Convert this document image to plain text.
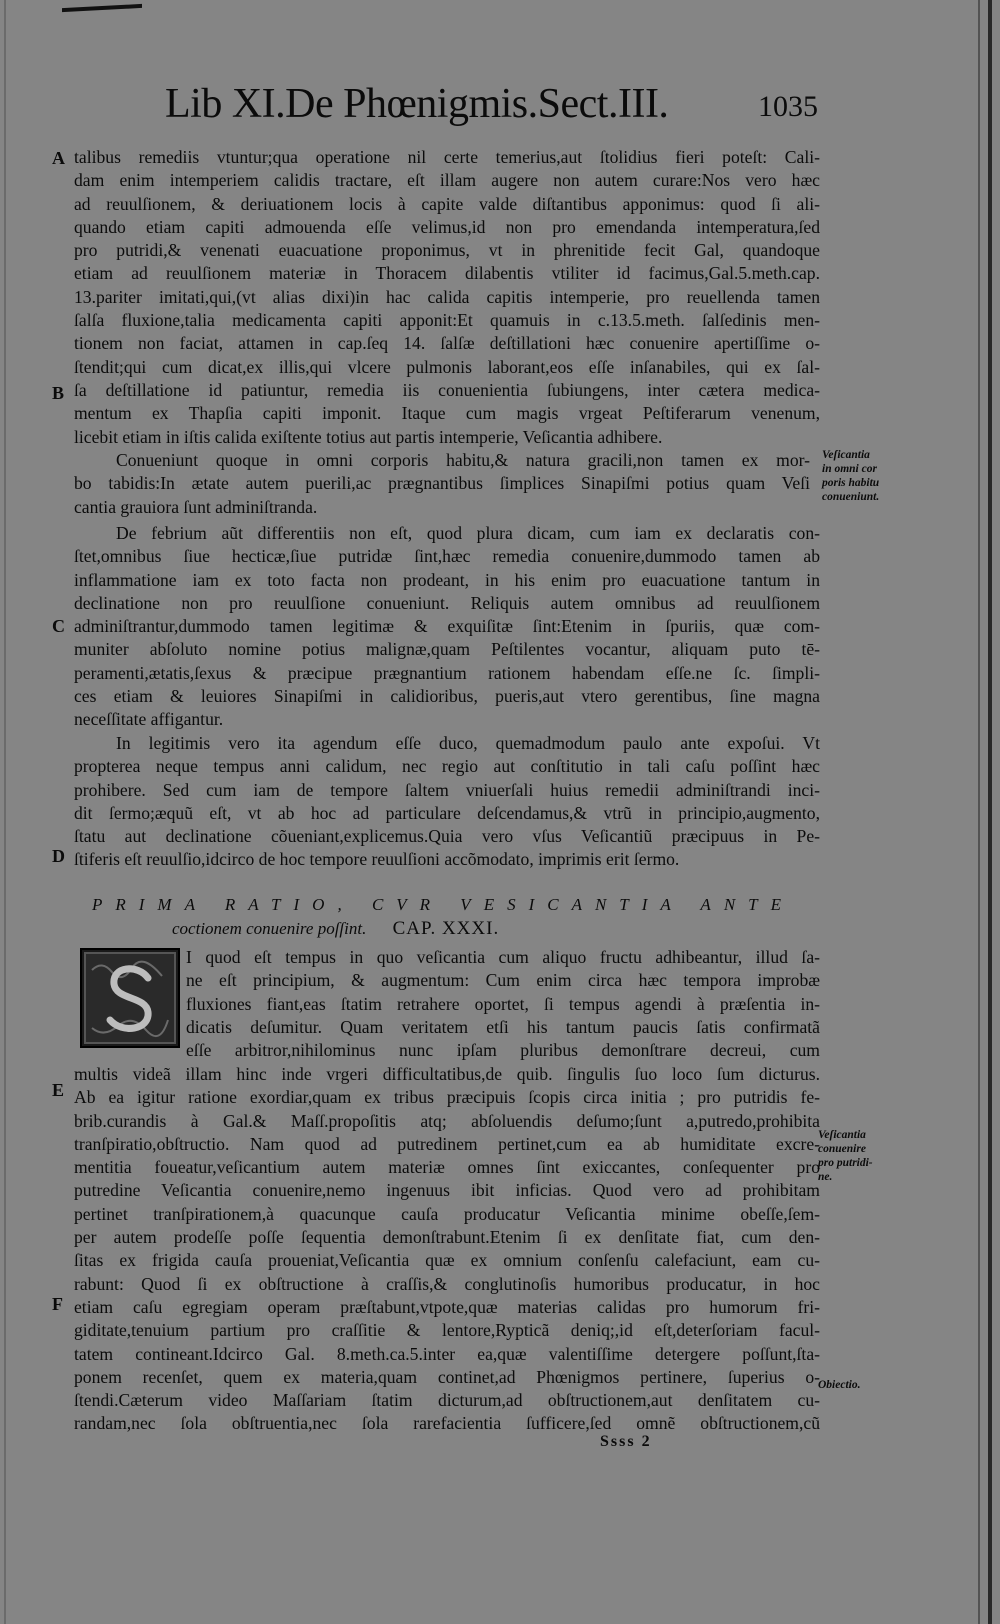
Lib XI.De Phœnigmis.Sect.III.	1035
A
B
C
D
E
F
talibus remediis vtuntur;qua operatione nil certe temerius,aut ſtolidius fieri poteſt: Cali-
dam enim intemperiem calidis tractare, eſt illam augere non autem curare:Nos vero hæc
ad reuulſionem, & deriuationem locis à capite valde diſtantibus apponimus: quod ſi ali-
quando etiam capiti admouenda eſſe velimus,id non pro emendanda intemperatura,ſed
pro putridi,& venenati euacuatione proponimus, vt in phrenitide fecit Gal, quandoque
etiam ad reuulſionem materiæ in Thoracem dilabentis vtiliter id facimus,Gal.5.meth.cap.
13.pariter imitati,qui,(vt alias dixi)in hac calida capitis intemperie, pro reuellenda tamen
ſalſa fluxione,talia medicamenta capiti apponit:Et quamuis in c.13.5.meth. ſalſedinis men-
tionem non faciat, attamen in cap.ſeq 14. ſalſæ deſtillationi hæc conuenire apertiſſime o-
ſtendit;qui cum dicat,ex illis,qui vlcere pulmonis laborant,eos eſſe inſanabiles, qui ex ſal-
ſa deſtillatione id patiuntur, remedia iis conuenientia ſubiungens, inter cætera medica-
mentum ex Thapſia capiti imponit. Itaque cum magis vrgeat Peſtiferarum venenum,
licebit etiam in iſtis calida exiſtente totius aut partis intemperie, Veſicantia adhibere.
Conueniunt quoque in omni corporis habitu,& natura gracili,non tamen ex mor-
bo tabidis:In ætate autem puerili,ac prægnantibus ſimplices Sinapiſmi potius quam Veſi
cantia grauiora ſunt adminiſtranda.
De febrium aũt differentiis non eſt, quod plura dicam, cum iam ex declaratis con-
ſtet,omnibus ſiue hecticæ,ſiue putridæ ſint,hæc remedia conuenire,dummodo tamen ab
inflammatione iam ex toto facta non prodeant, in his enim pro euacuatione tantum in
declinatione non pro reuulſione conueniunt. Reliquis autem omnibus ad reuulſionem
adminiſtrantur,dummodo tamen legitimæ & exquiſitæ ſint:Etenim in ſpuriis, quæ com-
muniter abſoluto nomine potius malignæ,quam Peſtilentes vocantur, aliquam puto tē-
peramenti,ætatis,ſexus & præcipue prægnantium rationem habendam eſſe.ne ſc. ſimpli-
ces etiam & leuiores Sinapiſmi in calidioribus, pueris,aut vtero gerentibus, ſine magna
neceſſitate affigantur.
In legitimis vero ita agendum eſſe duco, quemadmodum paulo ante expoſui. Vt
propterea neque tempus anni calidum, nec regio aut conſtitutio in tali caſu poſſint hæc
prohibere. Sed cum iam de tempore ſaltem vniuerſali huius remedii adminiſtrandi inci-
dit ſermo;æquũ eſt, vt ab hoc ad particulare deſcendamus,& vtrũ in principio,augmento,
ſtatu aut declinatione cõueniant,explicemus.Quia vero vſus Veſicantiũ præcipuus in Pe-
ſtiferis eſt reuulſio,idcirco de hoc tempore reuulſioni accõmodato, imprimis erit ſermo.
PRIMA RATIO, CVR VESICANTIA ANTE
coctionem conuenire poſſint. CAP. XXXI.
I quod eſt tempus in quo veſicantia cum aliquo fructu adhibeantur, illud ſa-
ne eſt principium, & augmentum: Cum enim circa hæc tempora improbæ
fluxiones fiant,eas ſtatim retrahere oportet, ſi tempus agendi à præſentia in-
dicatis deſumitur. Quam veritatem etſi his tantum paucis ſatis confirmatã
eſſe arbitror,nihilominus nunc ipſam pluribus demonſtrare decreui, cum
multis videã illam hinc inde vrgeri difficultatibus,de quib. ſingulis ſuo loco ſum dicturus.
Ab ea igitur ratione exordiar,quam ex tribus præcipuis ſcopis circa initia ; pro putridis fe-
brib.curandis à Gal.& Maſſ.propoſitis atq; abſoluendis deſumo;ſunt a,putredo,prohibita
tranſpiratio,obſtructio. Nam quod ad putredinem pertinet,cum ea ab humiditate excre-
mentitia foueatur,veſicantium autem materiæ omnes ſint exiccantes, conſequenter pro
putredine Veſicantia conuenire,nemo ingenuus ibit inficias. Quod vero ad prohibitam
pertinet tranſpirationem,à quacunque cauſa producatur Veſicantia minime obeſſe,ſem-
per autem prodeſſe poſſe ſequentia demonſtrabunt.Etenim ſi ex denſitate fiat, cum den-
ſitas ex frigida cauſa proueniat,Veſicantia quæ ex omnium conſenſu calefaciunt, eam cu-
rabunt: Quod ſi ex obſtructione à craſſis,& conglutinoſis humoribus producatur, in hoc
etiam caſu egregiam operam præſtabunt,vtpote,quæ materias calidas pro humorum fri-
giditate,tenuium partium pro craſſitie & lentore,Rypticã deniq;,id eſt,deterſoriam facul-
tatem contineant.Idcirco Gal. 8.meth.ca.5.inter ea,quæ valentiſſime detergere poſſunt,ſta-
ponem recenſet, quem ex materia,quam continet,ad Phœnigmos pertinere, ſuperius o-
ſtendi.Cæterum video Maſſariam ſtatim dicturum,ad obſtructionem,aut denſitatem cu-
randam,nec ſola obſtruentia,nec ſola rarefacientia ſufficere,ſed omnẽ obſtructionem,cũ
Veſicantia
in omni cor
poris habitu
conueniunt.
Veſicantia
conuenire
pro putridi-
ne.
Obiectio.
Ssss 2
